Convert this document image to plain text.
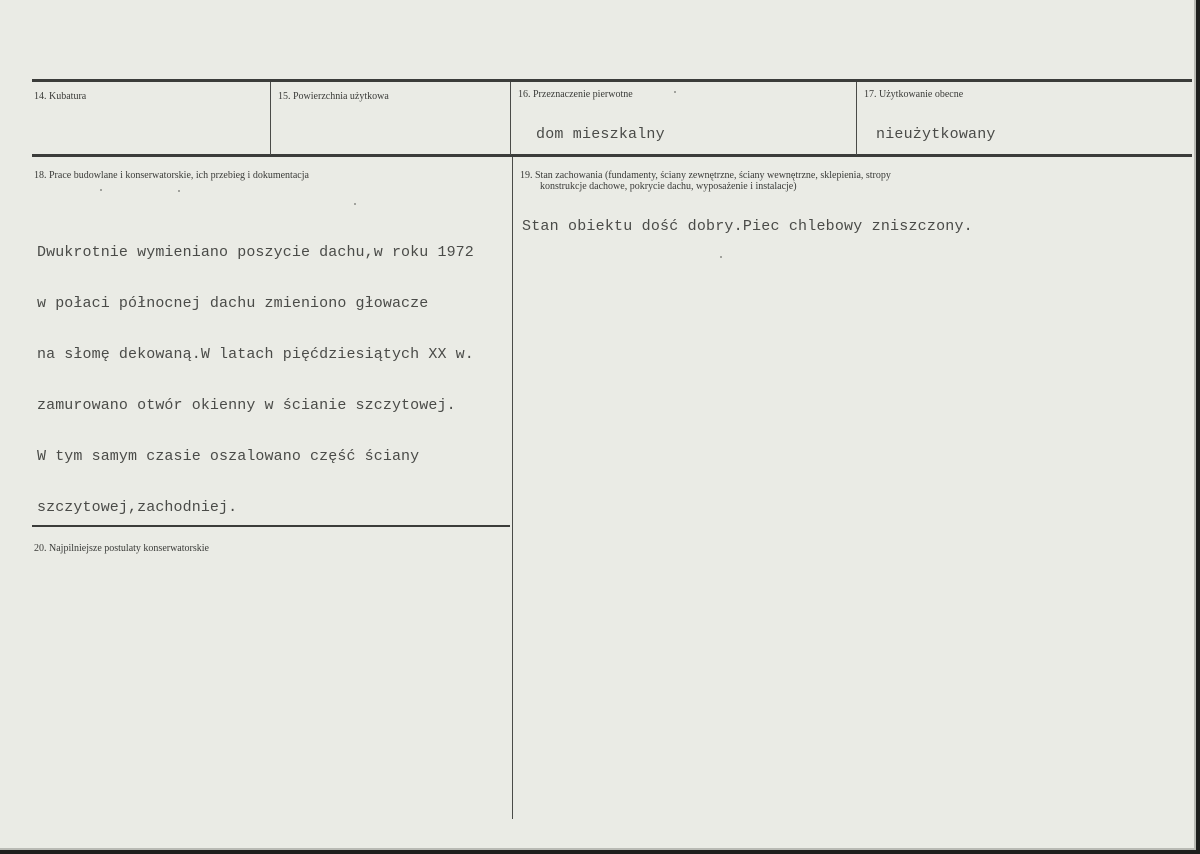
14. Kubatura	15. Powierzchnia użytkowa	16. Przeznaczenie pierwotne
dom mieszkalny
17. Użytkowanie obecne
nieużytkowany
18. Prace budowlane i konserwatorskie, ich przebieg i dokumentacja

Dwukrotnie wymieniano poszycie dachu,w roku 1972

w połaci północnej dachu zmieniono głowacze

na słomę dekowaną.W latach pięćdziesiątych XX w.

zamurowano otwór okienny w ścianie szczytowej.

W tym samym czasie oszalowano część ściany

szczytowej,zachodniej.

19. Stan zachowania (fundamenty, ściany zewnętrzne, ściany wewnętrzne, sklepienia, stropy
konstrukcje dachowe, pokrycie dachu, wyposażenie i instalacje)
Stan obiektu dość dobry.Piec chlebowy zniszczony.
20. Najpilniejsze postulaty konserwatorskie
